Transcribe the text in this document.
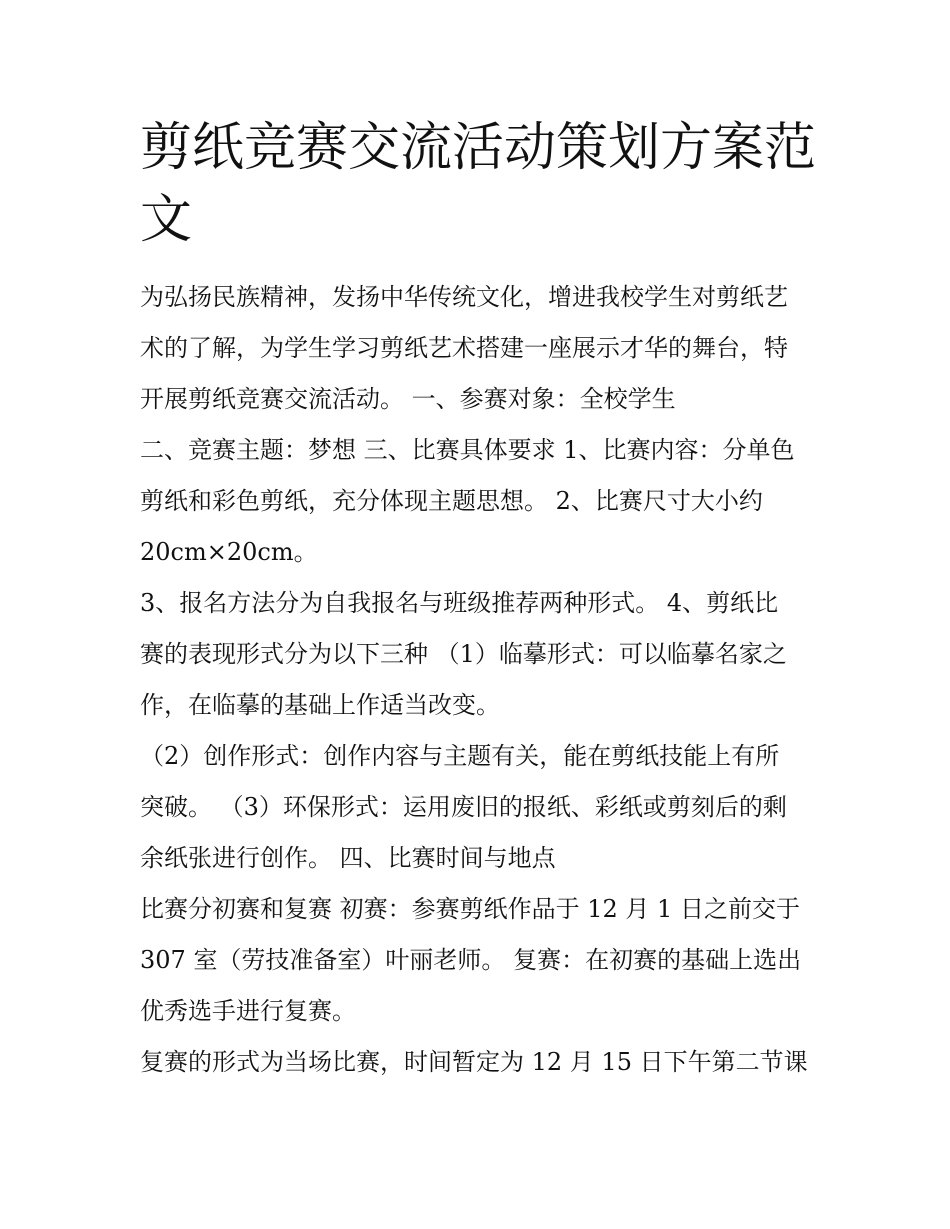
剪纸竞赛交流活动策划方案范
文

为弘扬民族精神，发扬中华传统文化，增进我校学生对剪纸艺

术的了解，为学生学习剪纸艺术搭建一座展示才华的舞台，特

开展剪纸竞赛交流活动。 一、参赛对象：全校学生

二、竞赛主题：梦想 三、比赛具体要求 1、比赛内容：分单色

剪纸和彩色剪纸，充分体现主题思想。 2、比赛尺寸大小约

20cm×20cm。

3、报名方法分为自我报名与班级推荐两种形式。 4、剪纸比

赛的表现形式分为以下三种 （1）临摹形式：可以临摹名家之

作，在临摹的基础上作适当改变。

（2）创作形式：创作内容与主题有关，能在剪纸技能上有所

突破。 （3）环保形式：运用废旧的报纸、彩纸或剪刻后的剩

余纸张进行创作。 四、比赛时间与地点

比赛分初赛和复赛 初赛：参赛剪纸作品于 12 月 1 日之前交于

307 室（劳技准备室）叶丽老师。 复赛：在初赛的基础上选出

优秀选手进行复赛。

复赛的形式为当场比赛，时间暂定为 12 月 15 日下午第二节课
